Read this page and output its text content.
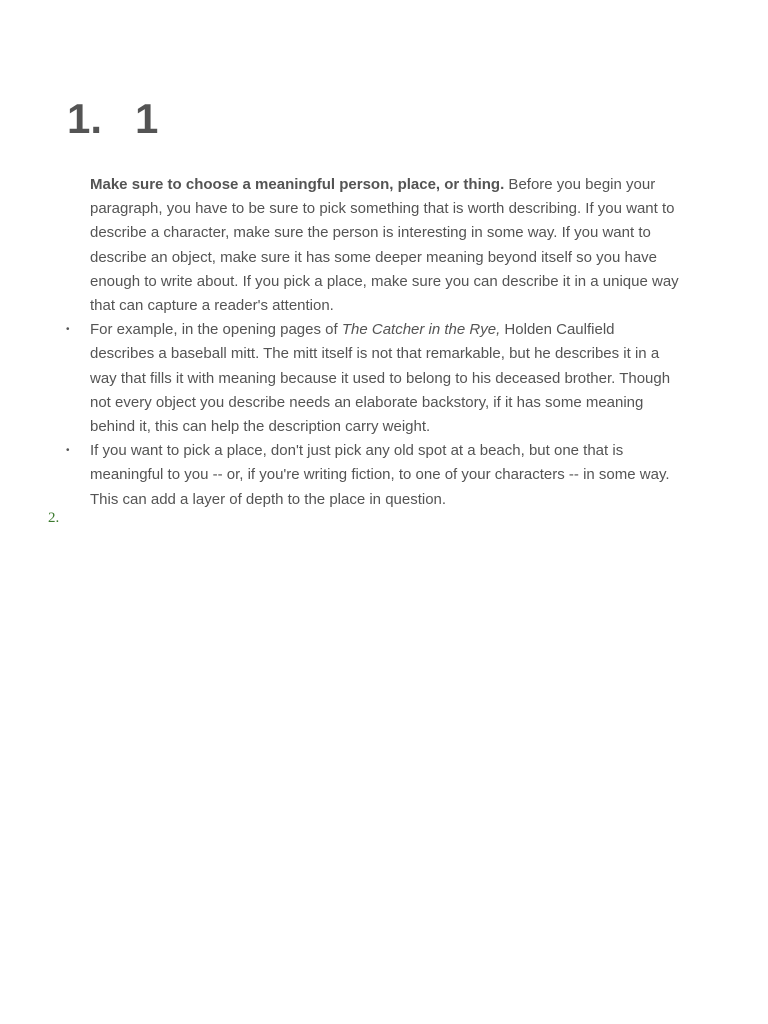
1. 1

Make sure to choose a meaningful person, place, or thing. Before you begin your paragraph, you have to be sure to pick something that is worth describing. If you want to describe a character, make sure the person is interesting in some way. If you want to describe an object, make sure it has some deeper meaning beyond itself so you have enough to write about. If you pick a place, make sure you can describe it in a unique way that can capture a reader's attention.

• For example, in the opening pages of The Catcher in the Rye, Holden Caulfield describes a baseball mitt. The mitt itself is not that remarkable, but he describes it in a way that fills it with meaning because it used to belong to his deceased brother. Though not every object you describe needs an elaborate backstory, if it has some meaning behind it, this can help the description carry weight.
• If you want to pick a place, don't just pick any old spot at a beach, but one that is meaningful to you -- or, if you're writing fiction, to one of your characters -- in some way. This can add a layer of depth to the place in question.
2.
